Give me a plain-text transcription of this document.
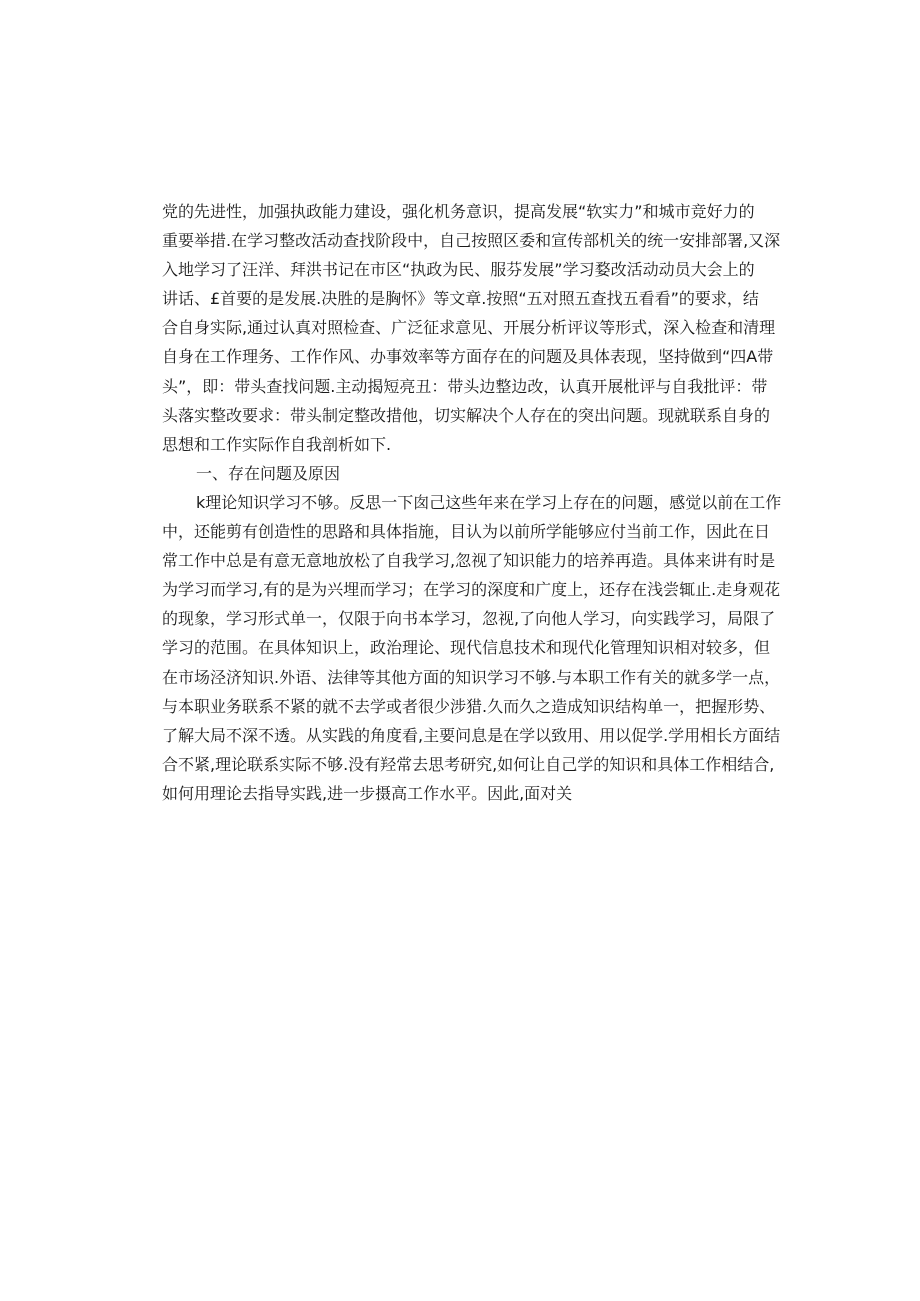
党的先进性，加强执政能力建设，强化机务意识，提高发展“软实力”和城市竞好力的
重要举措.在学习整改活动查找阶段中，自己按照区委和宣传部机关的统一安排部署,又深
入地学习了汪洋、拜洪书记在市区“执政为民、服芬发展”学习婺改活动动员大会上的
讲话、£首要的是发展.决胜的是胸怀》等文章.按照“五对照五查找五看看”的要求，结
合自身实际,通过认真对照检查、广泛征求意见、开展分析评议等形式，深入检查和清理
自身在工作理务、工作作风、办事效率等方面存在的问题及具体表现，坚持做到“四A带
头”，即：带头查找问题.主动揭短亮丑：带头边整边改，认真开展枇评与自我批评：带
头落实整改要求：带头制定整改措他，切实解决个人存在的突出问题。现就联系自身的
思想和工作实际作自我剖析如下.
一、存在问题及原因
k理论知识学习不够。反思一下囱己这些年来在学习上存在的问题，感觉以前在工作
中，还能剪有创造性的思路和具体指施，目认为以前所学能够应付当前工作，因此在日
常工作中总是有意无意地放松了自我学习,忽视了知识能力的培养再造。具体来讲有时是
为学习而学习,有的是为兴埋而学习；在学习的深度和广度上，还存在浅尝辄止.走身观花
的现象，学习形式单一，仅限于向书本学习，忽视,了向他人学习，向实践学习，局限了
学习的范围。在具体知识上，政治理论、现代信息技术和现代化管理知识相对较多，但
在市场泾济知识.外语、法律等其他方面的知识学习不够.与本职工作有关的就多学一点，
与本职业务联系不紧的就不去学或者很少涉猎.久而久之造成知识结构单一，把握形势、
了解大局不深不透。从实践的角度看,主要问息是在学以致用、用以促学.学用相长方面结
合不紧,理论联系实际不够.没有羟常去思考研究,如何让自己学的知识和具体工作相结合,
如何用理论去指导实践,进一步摄高工作水平。因此,面对关
